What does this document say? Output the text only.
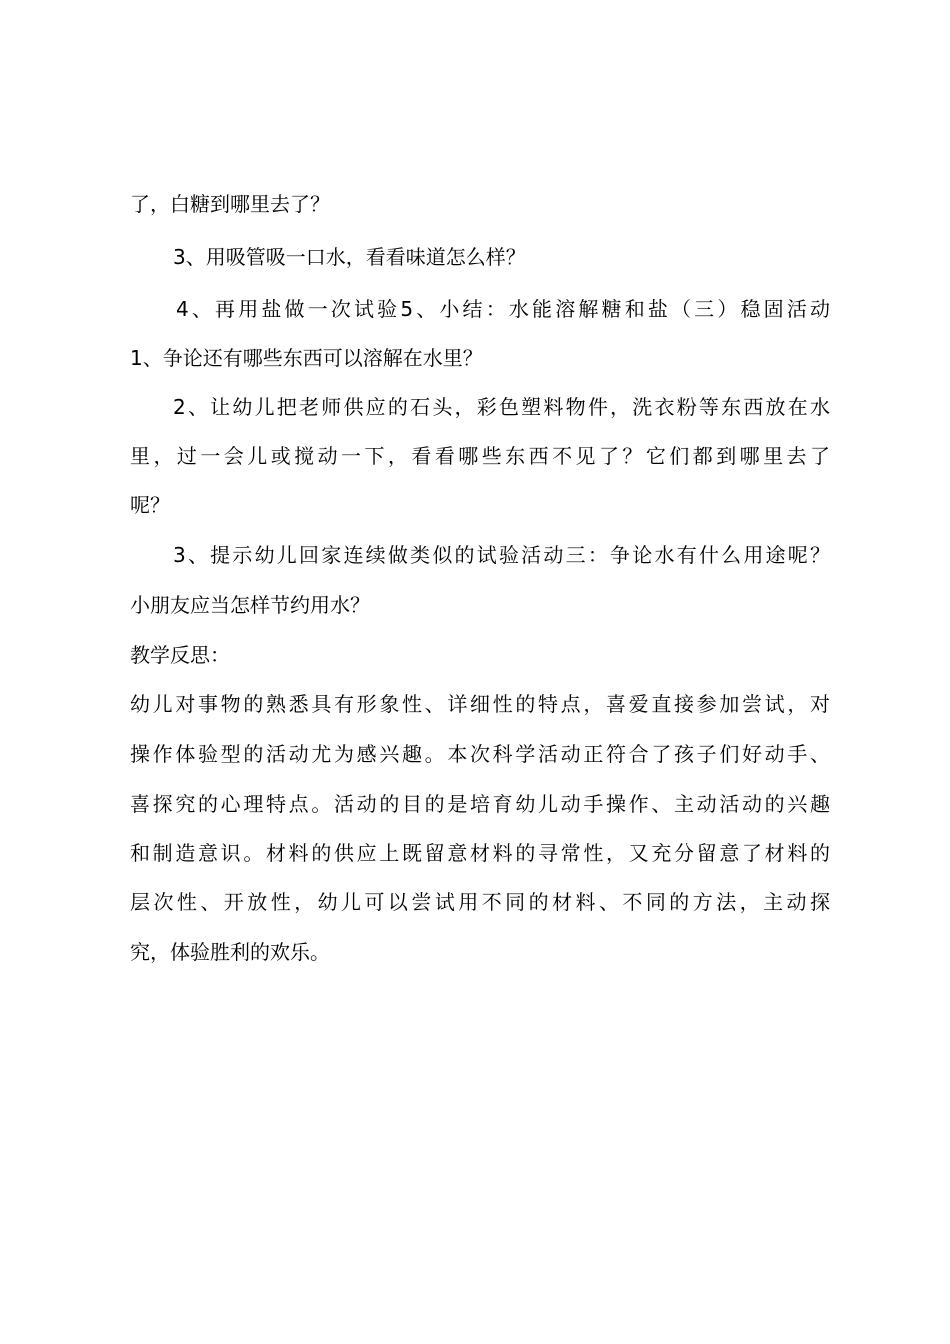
了，白糖到哪里去了？
3、用吸管吸一口水，看看味道怎么样？
4、再用盐做一次试验5、小结：水能溶解糖和盐（三）稳固活动
1、争论还有哪些东西可以溶解在水里？
2、让幼儿把老师供应的石头，彩色塑料物件，洗衣粉等东西放在水
里，过一会儿或搅动一下，看看哪些东西不见了？它们都到哪里去了
呢？
3、提示幼儿回家连续做类似的试验活动三：争论水有什么用途呢？
小朋友应当怎样节约用水？
教学反思：
幼儿对事物的熟悉具有形象性、详细性的特点，喜爱直接参加尝试，对
操作体验型的活动尤为感兴趣。本次科学活动正符合了孩子们好动手、
喜探究的心理特点。活动的目的是培育幼儿动手操作、主动活动的兴趣
和制造意识。材料的供应上既留意材料的寻常性，又充分留意了材料的
层次性、开放性，幼儿可以尝试用不同的材料、不同的方法，主动探
究，体验胜利的欢乐。
